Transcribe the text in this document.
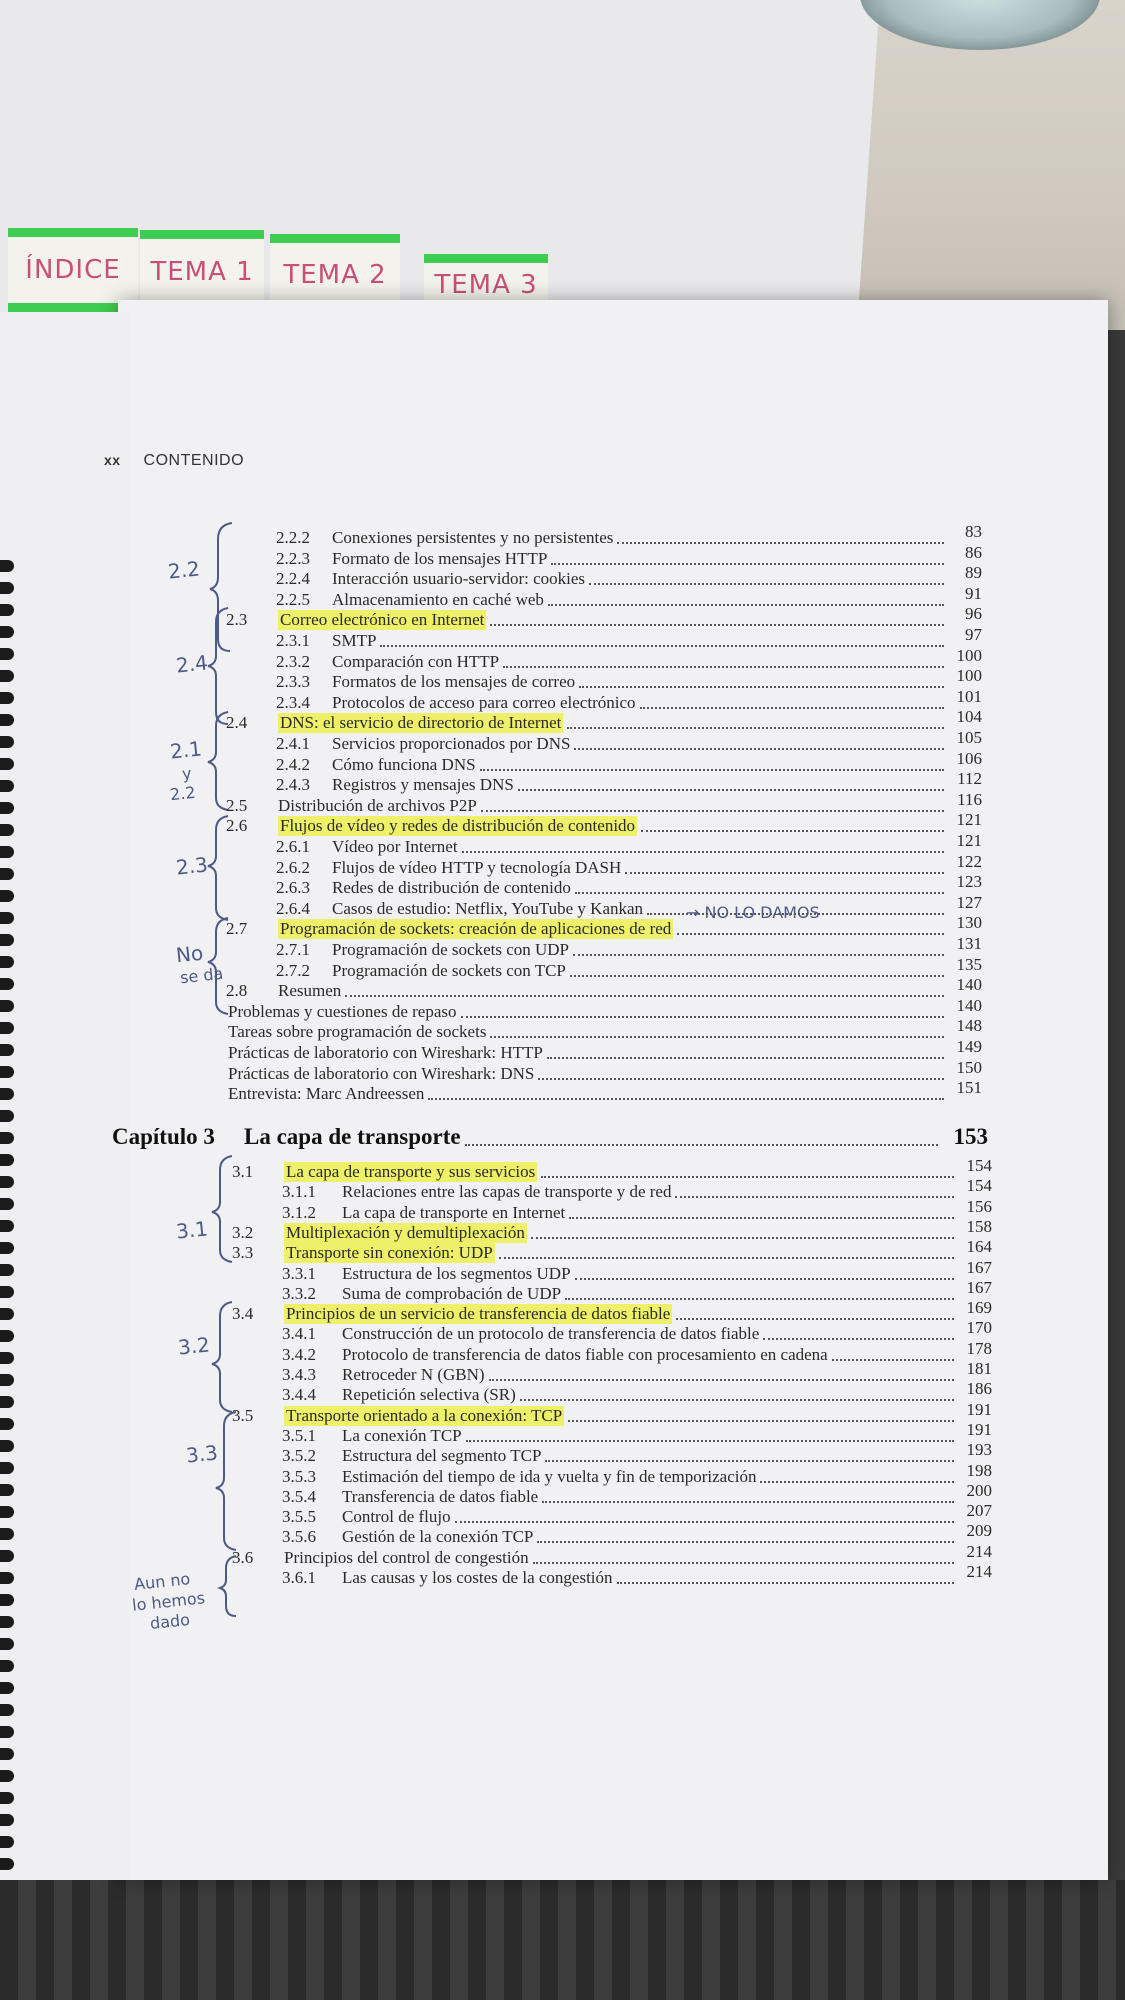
ÍNDICE	TEMA 1	TEMA 2	TEMA 3
xx CONTENIDO
2.2
2.4
2.1
y
2.2
2.3
No
se da
→ NO LO DAMOS
3.1
3.2
3.3
Aun no
lo hemos
dado
2.2.2 Conexiones persistentes y no persistentes	83
2.2.3 Formato de los mensajes HTTP	86
2.2.4 Interacción usuario-servidor: cookies	89
2.2.5 Almacenamiento en caché web	91
2.3 Correo electrónico en Internet	96
2.3.1 SMTP	97
2.3.2 Comparación con HTTP	100
2.3.3 Formatos de los mensajes de correo	100
2.3.4 Protocolos de acceso para correo electrónico	101
2.4 DNS: el servicio de directorio de Internet	104
2.4.1 Servicios proporcionados por DNS	105
2.4.2 Cómo funciona DNS	106
2.4.3 Registros y mensajes DNS	112
2.5 Distribución de archivos P2P	116
2.6 Flujos de vídeo y redes de distribución de contenido	121
2.6.1 Vídeo por Internet	121
2.6.2 Flujos de vídeo HTTP y tecnología DASH	122
2.6.3 Redes de distribución de contenido	123
2.6.4 Casos de estudio: Netflix, YouTube y Kankan	127
2.7 Programación de sockets: creación de aplicaciones de red	130
2.7.1 Programación de sockets con UDP	131
2.7.2 Programación de sockets con TCP	135
2.8 Resumen	140
Problemas y cuestiones de repaso	140
Tareas sobre programación de sockets	148
Prácticas de laboratorio con Wireshark: HTTP	149
Prácticas de laboratorio con Wireshark: DNS	150
Entrevista: Marc Andreessen	151
Capítulo 3 La capa de transporte	153
3.1 La capa de transporte y sus servicios	154
3.1.1 Relaciones entre las capas de transporte y de red	154
3.1.2 La capa de transporte en Internet	156
3.2 Multiplexación y demultiplexación	158
3.3 Transporte sin conexión: UDP	164
3.3.1 Estructura de los segmentos UDP	167
3.3.2 Suma de comprobación de UDP	167
3.4 Principios de un servicio de transferencia de datos fiable	169
3.4.1 Construcción de un protocolo de transferencia de datos fiable	170
3.4.2 Protocolo de transferencia de datos fiable con procesamiento en cadena	178
3.4.3 Retroceder N (GBN)	181
3.4.4 Repetición selectiva (SR)	186
3.5 Transporte orientado a la conexión: TCP	191
3.5.1 La conexión TCP	191
3.5.2 Estructura del segmento TCP	193
3.5.3 Estimación del tiempo de ida y vuelta y fin de temporización	198
3.5.4 Transferencia de datos fiable	200
3.5.5 Control de flujo	207
3.5.6 Gestión de la conexión TCP	209
3.6 Principios del control de congestión	214
3.6.1 Las causas y los costes de la congestión	214
